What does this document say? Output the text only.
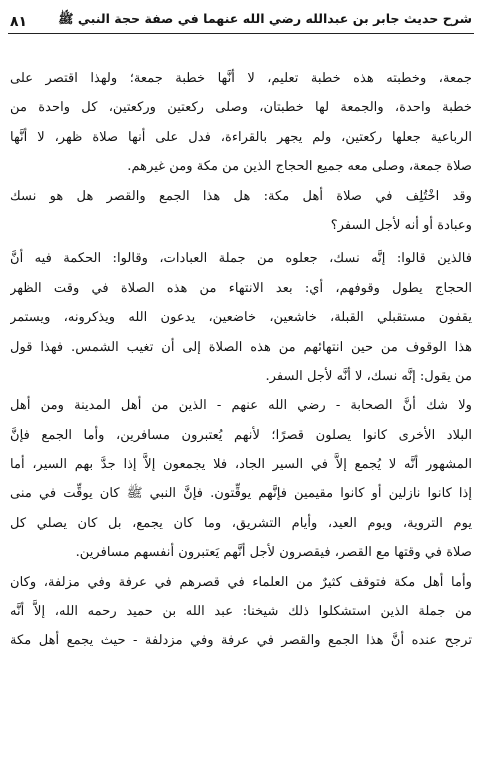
شرح حديث جابر بن عبدالله رضي الله عنهما في صفة حجة النبي ﷺ
٨١
جمعة، وخطبته هذه خطبة تعليم، لا أنَّها خطبة جمعة؛ ولهذا اقتصر على
خطبة واحدة، والجمعة لها خطبتان، وصلى ركعتين وركعتين، كل واحدة من
الرباعية جعلها ركعتين، ولم يجهر بالقراءة، فدل على أنها صلاة ظهر، لا أنَّها
صلاة جمعة، وصلى معه جميع الحجاج الذين من مكة ومن غيرهم.
وقد اخْتُلِف في صلاة أهل مكة: هل هذا الجمع والقصر هل هو نسك
وعبادة أو أنه لأجل السفر؟
فالذين قالوا: إنَّه نسك، جعلوه من جملة العبادات، وقالوا: الحكمة فيه أنَّ
الحجاج يطول وقوفهم، أي: بعد الانتهاء من هذه الصلاة في وقت الظهر
يقفون مستقبلي القبلة، خاشعين، خاضعين، يدعون الله ويذكرونه، ويستمر
هذا الوقوف من حين انتهائهم من هذه الصلاة إلى أن تغيب الشمس. فهذا قول
من يقول: إنَّه نسك، لا أنَّه لأجل السفر.
ولا شك أنَّ الصحابة - رضي الله عنهم - الذين من أهل المدينة ومن أهل
البلاد الأخرى كانوا يصلون قصرًا؛ لأنهم يُعتبرون مسافرين، وأما الجمع فإنَّ
المشهور أنَّه لا يُجمع إلاَّ في السير الجاد، فلا يجمعون إلاَّ إذا جدَّ بهم السير، أما
إذا كانوا نازلين أو كانوا مقيمين فإنَّهم يوقِّتون. فإنَّ النبي ﷺ كان يوقِّت في منى
يوم التروية، ويوم العيد، وأيام التشريق، وما كان يجمع، بل كان يصلي كل
صلاة في وقتها مع القصر، فيقصرون لأجل أنَّهم يَعتبرون أنفسهم مسافرين.
وأما أهل مكة فتوقف كثيرٌ من العلماء في قصرهم في عرفة وفي مزلفة، وكان
من جملة الذين استشكلوا ذلك شيخنا: عبد الله بن حميد رحمه الله، إلاَّ أنَّه
ترجح عنده أنَّ هذا الجمع والقصر في عرفة وفي مزدلفة - حيث يجمع أهل مكة
